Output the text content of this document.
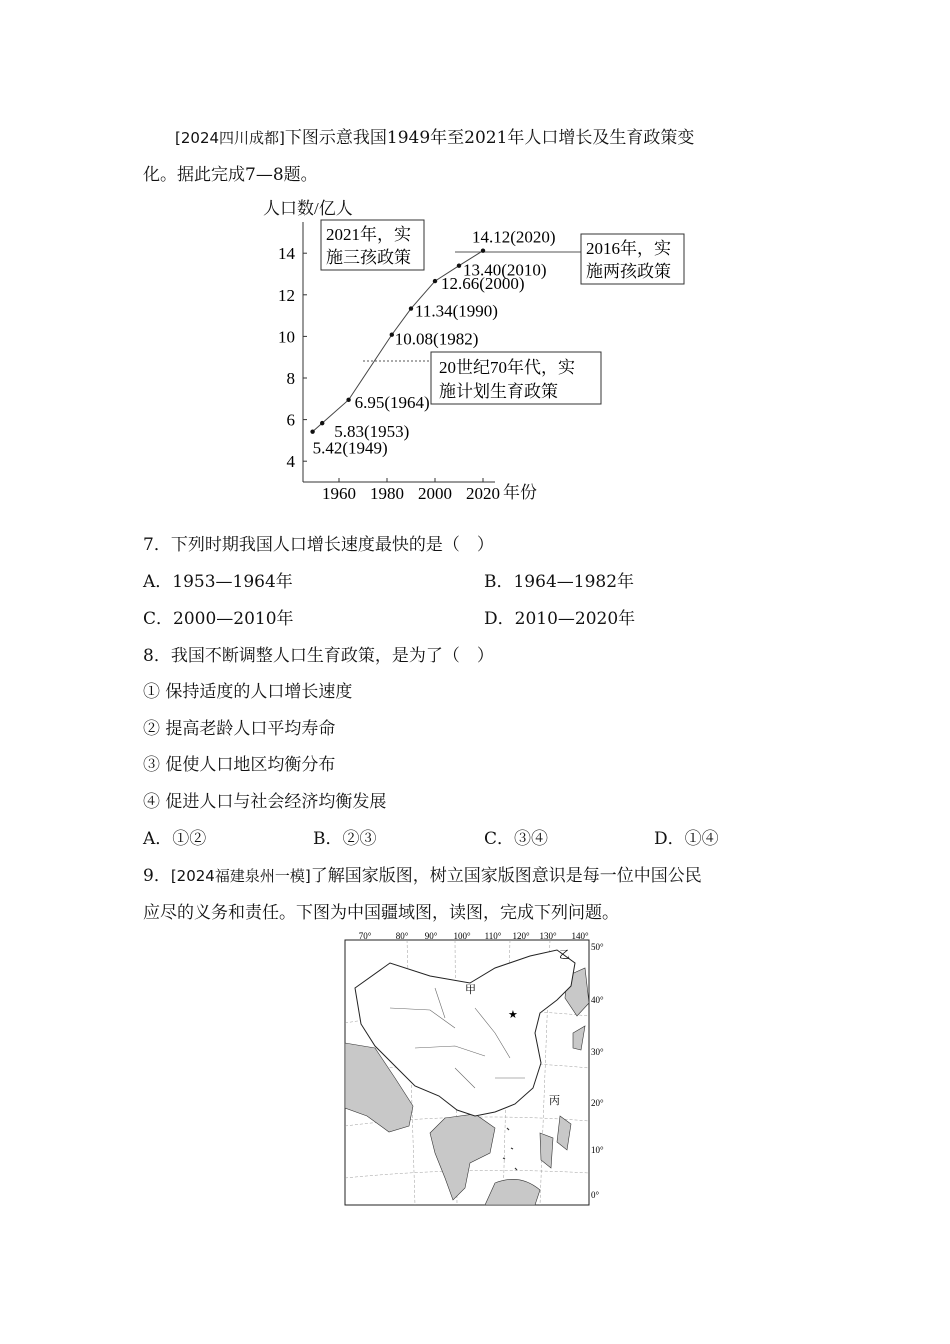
[2024四川成都]下图示意我国1949年至2021年人口增长及生育政策变
化。据此完成7—8题。
人口数/亿人
4
6
8
10
12
14
1960 1980 2000 2020 年份
2021年，实
施三孩政策	2016年，实
施两孩政策
20世纪70年代，实
施计划生育政策
5.42(1949)
5.83(1953)
6.95(1964)
10.08(1982)
11.34(1990)
12.66(2000)
13.40(2010)
14.12(2020)
7．下列时期我国人口增长速度最快的是（　）
A．1953—1964年	B．1964—1982年
C．2000—2010年	D．2010—2020年
8．我国不断调整人口生育政策，是为了（　）
① 保持适度的人口增长速度
② 提高老龄人口平均寿命
③ 促使人口地区均衡分布
④ 促进人口与社会经济均衡发展
A．①②	B．②③	C．③④	D．①④
9．[2024福建泉州一模]了解国家版图，树立国家版图意识是每一位中国公民
应尽的义务和责任。下图为中国疆域图，读图，完成下列问题。
★
甲
乙
丙
70°	80° 90° 100° 110° 120° 130° 140°
50°
40°
30°
20°
10°
0°
